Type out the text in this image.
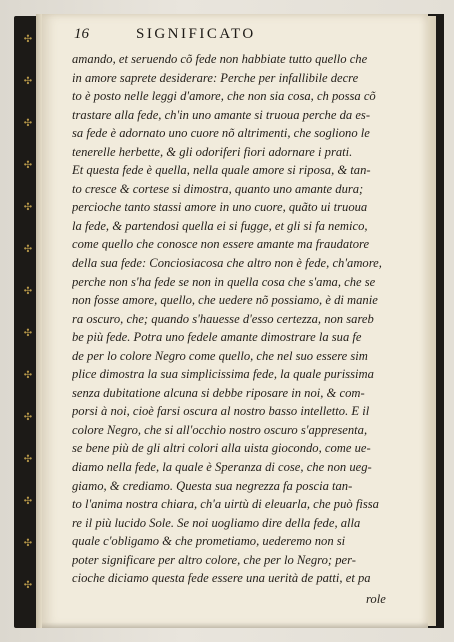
✣
✣
✣
✣
✣
✣
✣
✣
✣
✣
✣
✣
✣
✣
16	SIGNIFICATO
amando, et seruendo cõ fede non habbiate tutto quello che
in amore saprete desiderare: Perche per infallibile decre
to è posto nelle leggi d'amore, che non sia cosa, ch possa cõ
trastare alla fede, ch'in uno amante si truoua perche da es-
sa fede è adornato uno cuore nõ altrimenti, che sogliono le
tenerelle herbette, & gli odoriferi fiori adornare i prati.
Et questa fede è quella, nella quale amore si riposa, & tan-
to cresce & cortese si dimostra, quanto uno amante dura;
percioche tanto stassi amore in uno cuore, quãto ui truoua
la fede, & partendosi quella ei si fugge, et gli si fa nemico,
come quello che conosce non essere amante ma fraudatore
della sua fede: Conciosiacosa che altro non è fede, ch'amore,
perche non s'ha fede se non in quella cosa che s'ama, che se
non fosse amore, quello, che uedere nõ possiamo, è di manie
ra oscuro, che; quando s'hauesse d'esso certezza, non sareb
be più fede. Potra uno fedele amante dimostrare la sua fe
de per lo colore Negro come quello, che nel suo essere sim
plice dimostra la sua simplicissima fede, la quale purissima
senza dubitatione alcuna si debbe riposare in noi, & com-
porsi à noi, cioè farsi oscura al nostro basso intelletto. E il
colore Negro, che si all'occhio nostro oscuro s'appresenta,
se bene più de gli altri colori alla uista giocondo, come ue-
diamo nella fede, la quale è Speranza di cose, che non ueg-
giamo, & crediamo. Questa sua negrezza fa poscia tan-
to l'anima nostra chiara, ch'a uirtù di eleuarla, che può fissa
re il più lucido Sole. Se noi uogliamo dire della fede, alla
quale c'obligamo & che prometiamo, uederemo non si
poter significare per altro colore, che per lo Negro; per-
cioche diciamo questa fede essere una uerità de patti, et pa
role
